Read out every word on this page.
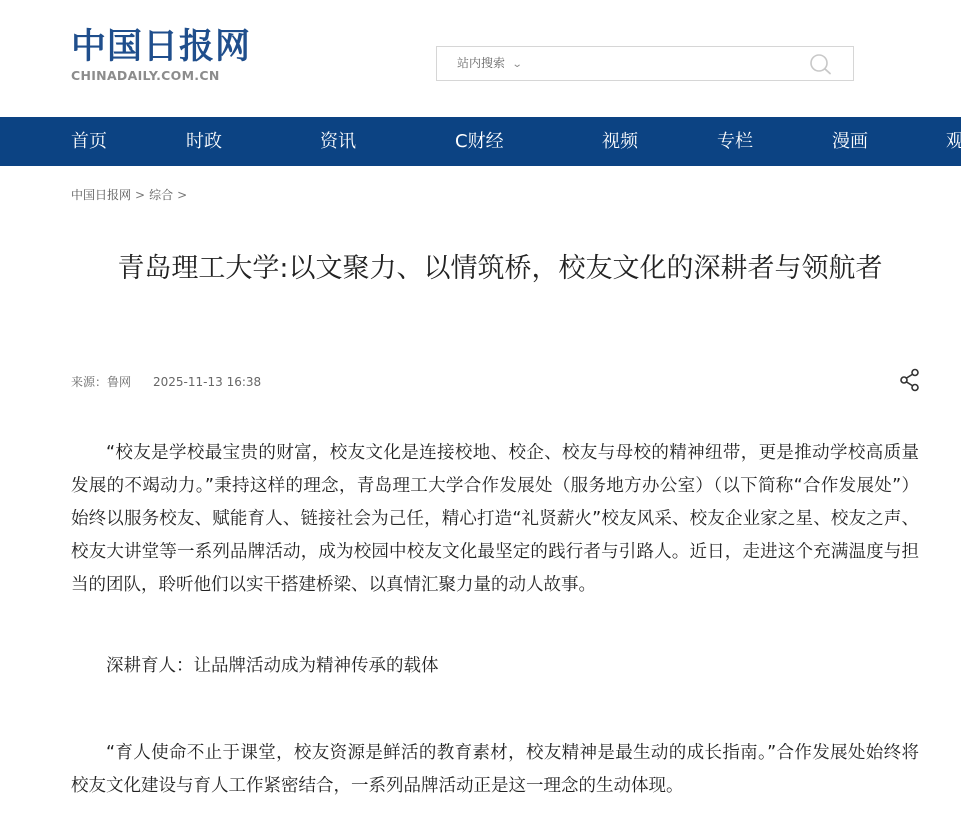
中国日报网
CHINADAILY.COM.CN
站内搜索 ⌄
首页	时政	资讯	C财经	视频	专栏	漫画	观
中国日报网 > 综合 >
青岛理工大学:以文聚力、以情筑桥，校友文化的深耕者与领航者
来源：鲁网 2025-11-13 16:38

“校友是学校最宝贵的财富，校友文化是连接校地、校企、校友与母校的精神纽带，更是推动学校高质量发展的不竭动力。”秉持这样的理念，青岛理工大学合作发展处（服务地方办公室）（以下简称“合作发展处”）始终以服务校友、赋能育人、链接社会为己任，精心打造“礼贤薪火”校友风采、校友企业家之星、校友之声、校友大讲堂等一系列品牌活动，成为校园中校友文化最坚定的践行者与引路人。近日，走进这个充满温度与担当的团队，聆听他们以实干搭建桥梁、以真情汇聚力量的动人故事。

深耕育人：让品牌活动成为精神传承的载体

“育人使命不止于课堂，校友资源是鲜活的教育素材，校友精神是最生动的成长指南。”合作发展处始终将校友文化建设与育人工作紧密结合，一系列品牌活动正是这一理念的生动体现。
